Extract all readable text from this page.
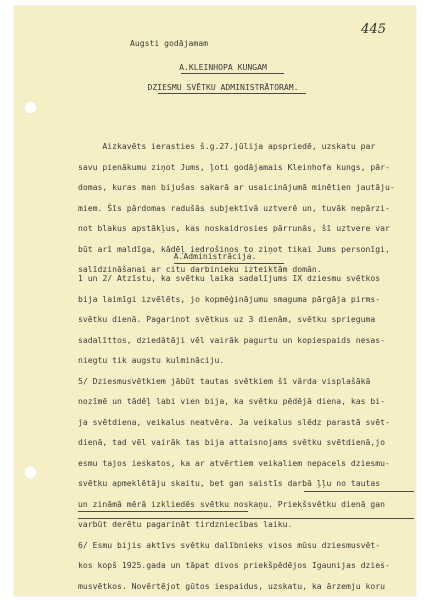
445
Augsti godājamam
A.KLEINHOPA KUNGAM
DZIESMU SVĒTKU ADMINISTRĀTORAM.
Aizkavēts ierasties š.g.27.jūlija apspriedē, uzskatu par
savu pienākumu ziņot Jums, ļoti godājamais Kleinhofa kungs, pār-
domas, kuras man bijušas sakarā ar usaicinājumā minētien jautāju-
miem. Šīs pārdomas radušās subjektīvā uztverē un, tuvāk nepārzi-
not blakus apstākļus, kas noskaidrosies pārrunās, šī uztvere var
būt arī maldīga, kādēļ iedrošinos to ziņot tikai Jums personīgi,
salīdzināšanai ar citu darbinieku izteiktām domān.
A.Administrācija.
1 un 2/ Atzīstu, ka svētku laika sadalījums IX dziesmu svētkos
bija laimīgi izvēlēts, jo kopmēģinājumu smaguma pārgāja pirms-
svētku dienā. Pagarinot svētkus uz 3 dienām, svētku sprieguma
sadalīttos, dziedātāji vēl vairāk pagurtu un kopiespaids nesas-
niegtu tik augstu kulmināciju.
5/ Dziesmusvētkiem jābūt tautas svētkiem šī vārda visplašākā
nozīmē un tādēļ labi vien bija, ka svētku pēdējā diena, kas bi-
ja svētdiena, veikalus neatvēra. Ja veikalus slēdz parastā svēt-
dienā, tad vēl vairāk tas bija attaisnojams svētku svētdienā,jo
esmu tajos ieskatos, ka ar atvērtiem veikaliem nepacels dziesmu-
svētku apmeklētāju skaitu, bet gan saistīs darbā ļļu no tautas
un zināmā mērā izkliedēs svētku noskaņu. Priekšsvētku dienā gan
varbūt derētu pagarināt tirdzniecības laiku.
6/ Esmu bijis aktīvs svētku dalībnieks visos mūsu dziesmusvēt-
kos kopš 1925.gada un tāpat divos priekšpēdējos Igaunijas dzies-
musvētkos. Novērtējot gūtos iespaidus, uzskatu, ka ārzemju koru
